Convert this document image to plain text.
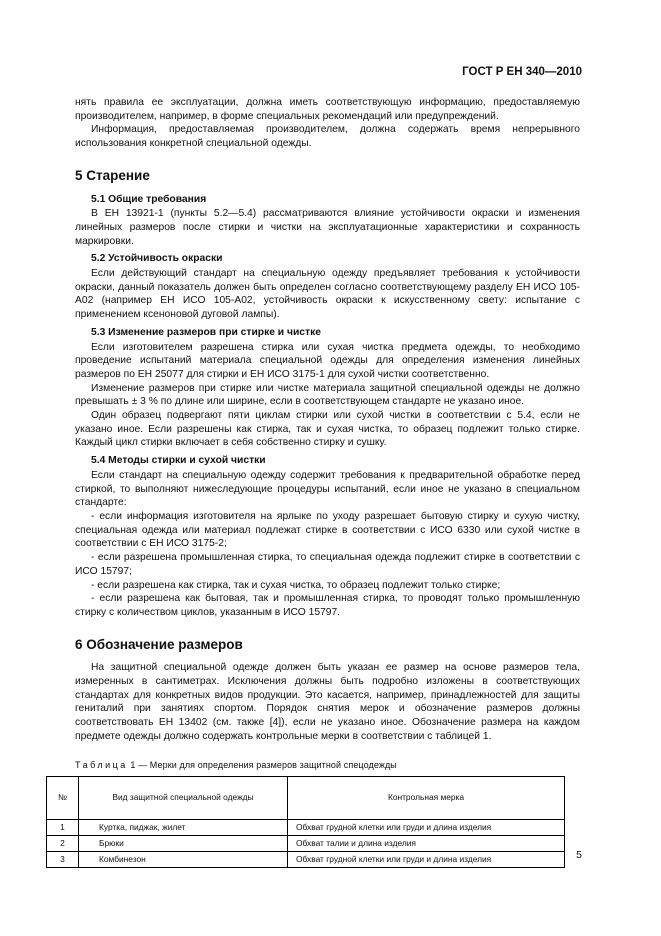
ГОСТ Р ЕН 340—2010

нять правила ее эксплуатации, должна иметь соответствующую информацию, предоставляемую производителем, например, в форме специальных рекомендаций или предупреждений.

Информация, предоставляемая производителем, должна содержать время непрерывного использования конкретной специальной одежды.

5 Старение
5.1 Общие требования

В ЕН 13921-1 (пункты 5.2—5.4) рассматриваются влияние устойчивости окраски и изменения линейных размеров после стирки и чистки на эксплуатационные характеристики и сохранность маркировки.

5.2 Устойчивость окраски

Если действующий стандарт на специальную одежду предъявляет требования к устойчивости окраски, данный показатель должен быть определен согласно соответствующему разделу ЕН ИСО 105-А02 (например ЕН ИСО 105-А02, устойчивость окраски к искусственному свету: испытание с применением ксеноновой дуговой лампы).

5.3 Изменение размеров при стирке и чистке

Если изготовителем разрешена стирка или сухая чистка предмета одежды, то необходимо проведение испытаний материала специальной одежды для определения изменения линейных размеров по ЕН 25077 для стирки и ЕН ИСО 3175-1 для сухой чистки соответственно.

Изменение размеров при стирке или чистке материала защитной специальной одежды не должно превышать ± 3 % по длине или ширине, если в соответствующем стандарте не указано иное.

Один образец подвергают пяти циклам стирки или сухой чистки в соответствии с 5.4, если не указано иное. Если разрешены как стирка, так и сухая чистка, то образец подлежит только стирке. Каждый цикл стирки включает в себя собственно стирку и сушку.

5.4 Методы стирки и сухой чистки

Если стандарт на специальную одежду содержит требования к предварительной обработке перед стиркой, то выполняют нижеследующие процедуры испытаний, если иное не указано в специальном стандарте:

- если информация изготовителя на ярлыке по уходу разрешает бытовую стирку и сухую чистку, специальная одежда или материал подлежат стирке в соответствии с ИСО 6330 или сухой чистке в соответствии с ЕН ИСО 3175-2;

- если разрешена промышленная стирка, то специальная одежда подлежит стирке в соответствии с ИСО 15797;

- если разрешена как стирка, так и сухая чистка, то образец подлежит только стирке;

- если разрешена как бытовая, так и промышленная стирка, то проводят только промышленную стирку с количеством циклов, указанным в ИСО 15797.

6 Обозначение размеров

На защитной специальной одежде должен быть указан ее размер на основе размеров тела, измеренных в сантиметрах. Исключения должны быть подробно изложены в соответствующих стандартах для конкретных видов продукции. Это касается, например, принадлежностей для защиты гениталий при занятиях спортом. Порядок снятия мерок и обозначение размеров должны соответствовать ЕН 13402 (см. также [4]), если не указано иное. Обозначение размера на каждом предмете одежды должно содержать контрольные мерки в соответствии с таблицей 1.

Таблица 1 — Мерки для определения размеров защитной спецодежды
№	Вид защитной специальной одежды	Контрольная мерка
1	Куртка, пиджак, жилет	Обхват грудной клетки или груди и длина изделия
2	Брюки	Обхват талии и длина изделия
3	Комбинезон	Обхват грудной клетки или груди и длина изделия	5
